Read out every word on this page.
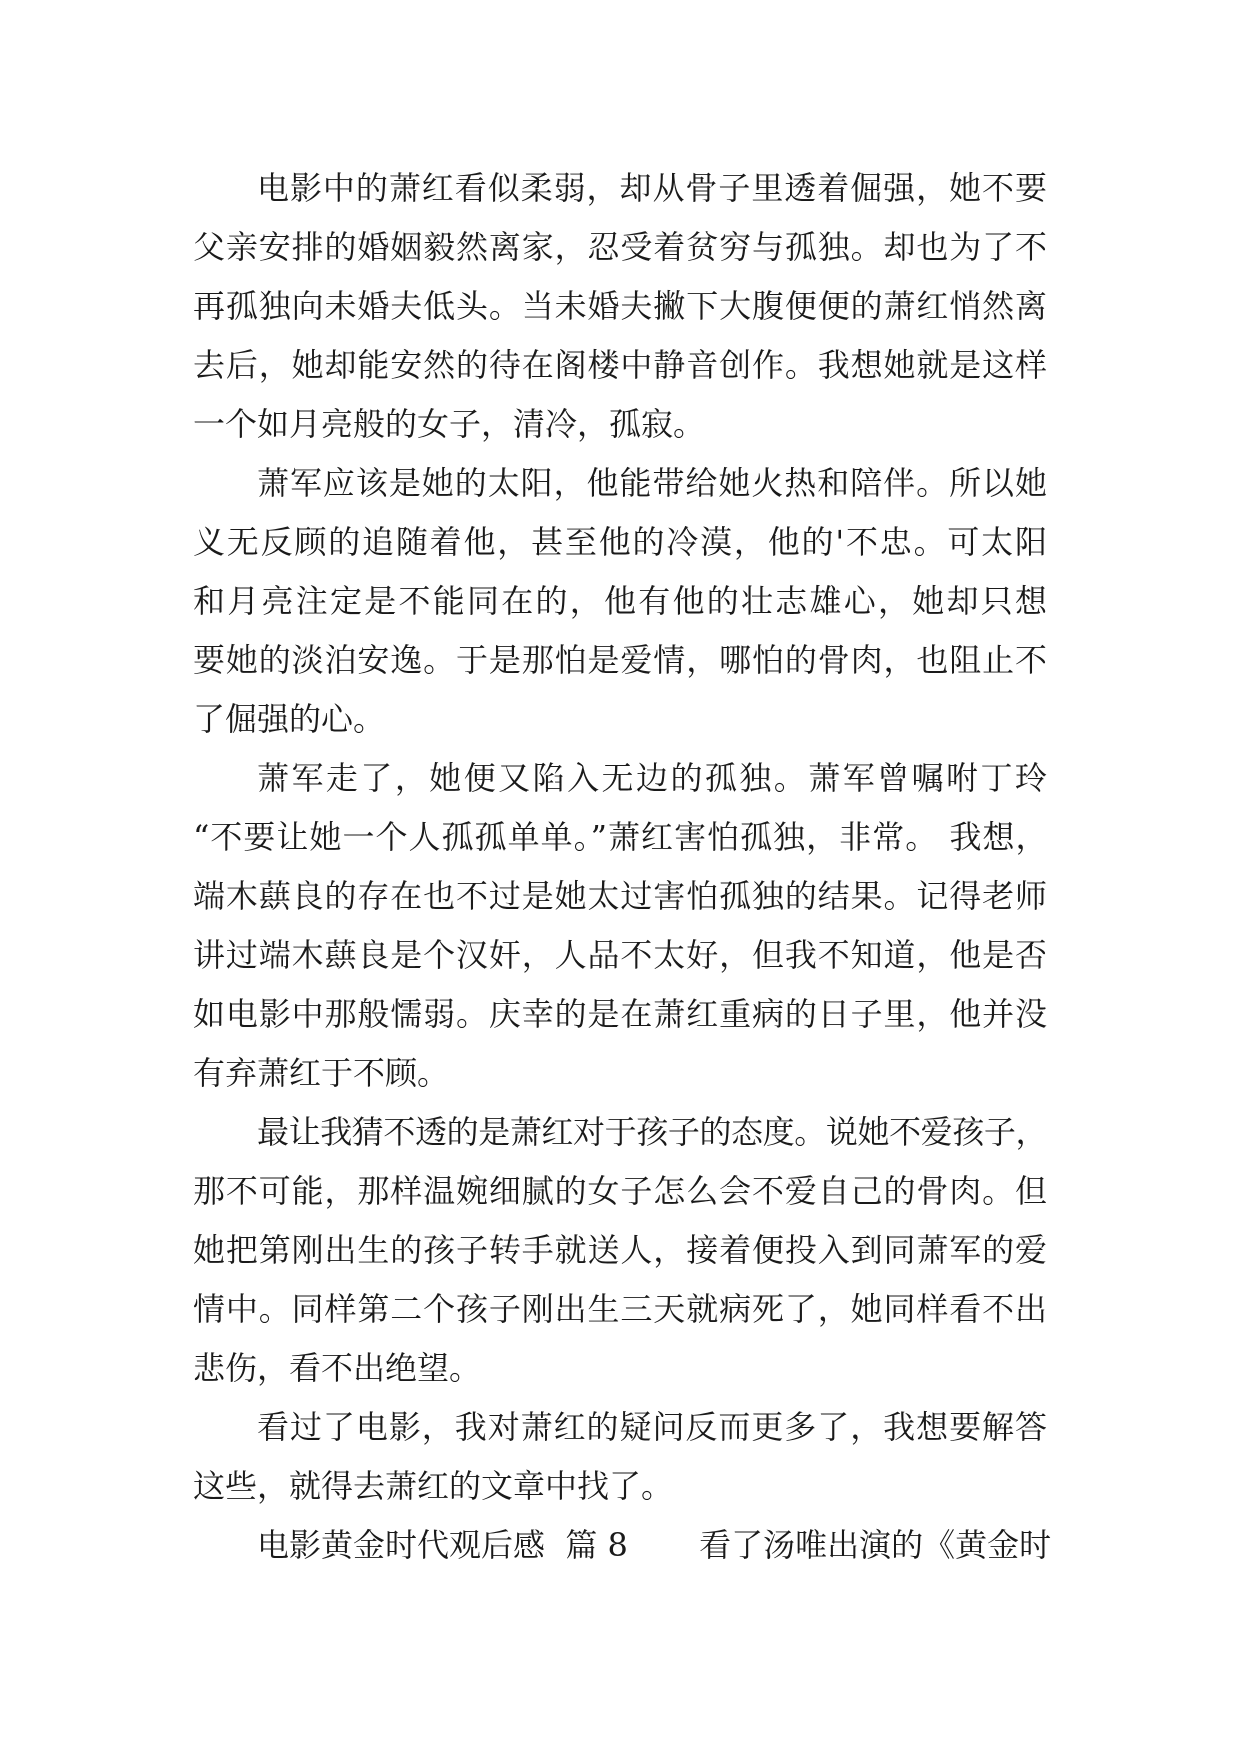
电影中的萧红看似柔弱，却从骨子里透着倔强，她不要
父亲安排的婚姻毅然离家，忍受着贫穷与孤独。却也为了不
再孤独向未婚夫低头。当未婚夫撇下大腹便便的萧红悄然离
去后，她却能安然的待在阁楼中静音创作。我想她就是这样
一个如月亮般的女子，清冷，孤寂。
萧军应该是她的太阳，他能带给她火热和陪伴。所以她
义无反顾的追随着他，甚至他的冷漠，他的'不忠。可太阳
和月亮注定是不能同在的，他有他的壮志雄心，她却只想
要她的淡泊安逸。于是那怕是爱情，哪怕的骨肉，也阻止不
了倔强的心。
萧军走了，她便又陷入无边的孤独。萧军曾嘱咐丁玲
“不要让她一个人孤孤单单。”萧红害怕孤独，非常。 我想，
端木蕻良的存在也不过是她太过害怕孤独的结果。记得老师
讲过端木蕻良是个汉奸，人品不太好，但我不知道，他是否
如电影中那般懦弱。庆幸的是在萧红重病的日子里，他并没
有弃萧红于不顾。
最让我猜不透的是萧红对于孩子的态度。说她不爱孩子，
那不可能，那样温婉细腻的女子怎么会不爱自己的骨肉。但
她把第刚出生的孩子转手就送人，接着便投入到同萧军的爱
情中。同样第二个孩子刚出生三天就病死了，她同样看不出
悲伤，看不出绝望。
看过了电影，我对萧红的疑问反而更多了，我想要解答
这些，就得去萧红的文章中找了。
电影黄金时代观后感  篇 8       看了汤唯出演的《黄金时
